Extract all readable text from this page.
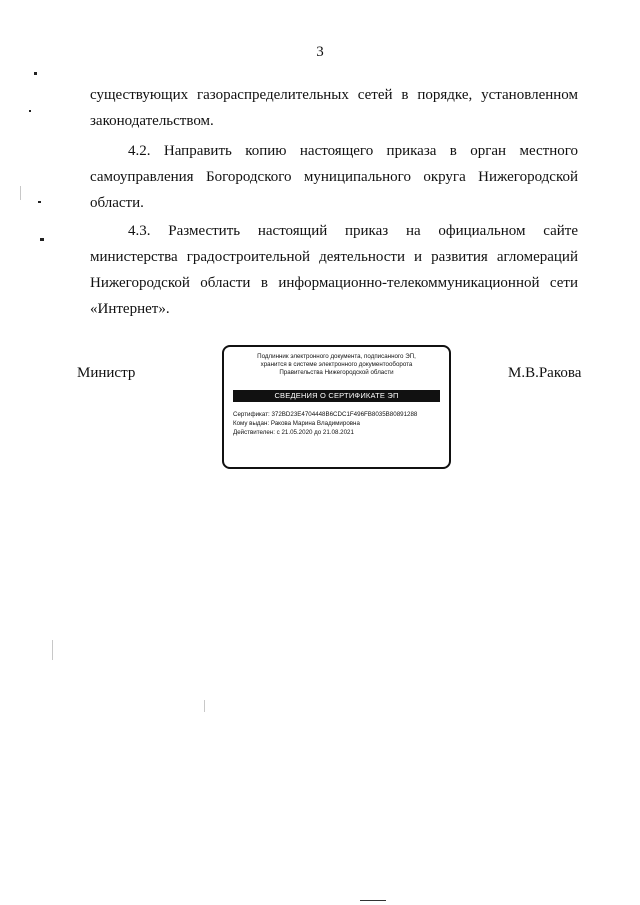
3

существующих газораспределительных сетей в порядке, установленном законодательством.

4.2. Направить копию настоящего приказа в орган местного самоуправления Богородского муниципального округа Нижегородской области.

4.3. Разместить настоящий приказ на официальном сайте министерства градостроительной деятельности и развития агломераций Нижегородской области в информационно-телекоммуникационной сети «Интернет».

Министр	М.В.Ракова
Подлинник электронного документа, подписанного ЭП,
хранится в системе электронного документооборота
Правительства Нижегородской области
СВЕДЕНИЯ О СЕРТИФИКАТЕ ЭП
Сертификат: 372BD23E4704448B6CDC1F496FB8035B80891288
Кому выдан: Ракова Марина Владимировна
Действителен: с 21.05.2020 до 21.08.2021
